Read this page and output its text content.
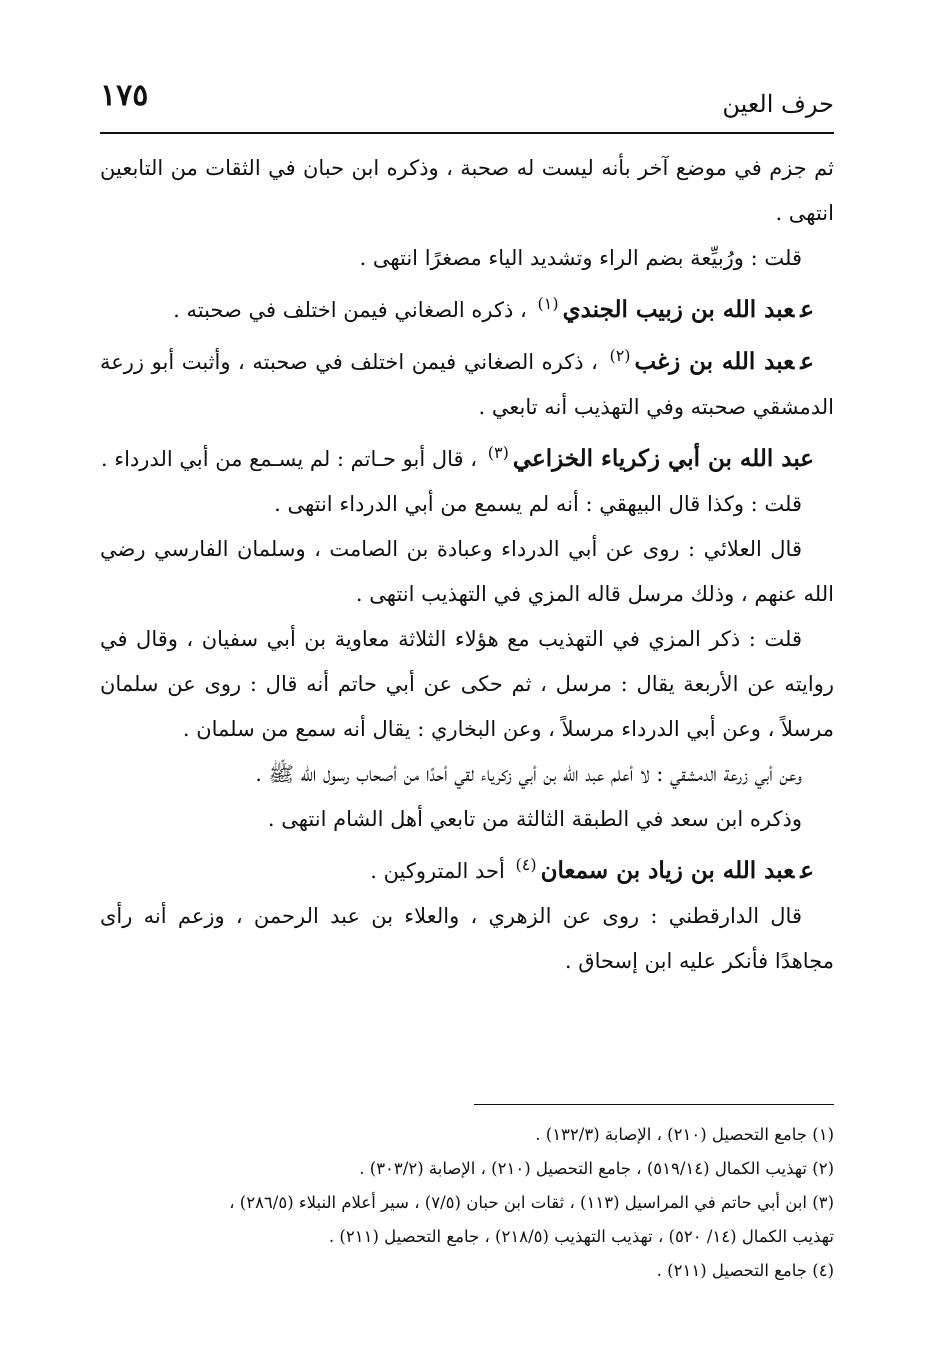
١٧٥	حرف العين

ثم جزم في موضع آخر بأنه ليست له صحبة ، وذكره ابن حبان في الثقات من التابعين انتهى .

قلت : ورُبيِّعة بضم الراء وتشديد الياء مصغرًا انتهى .

ععبد الله بن زبيب الجندي$^{(١)}$ ، ذكره الصغاني فيمن اختلف في صحبته .

ععبد الله بن زغب$^{(٢)}$ ، ذكره الصغاني فيمن اختلف في صحبته ، وأثبت أبو زرعة الدمشقي صحبته وفي التهذيب أنه تابعي .

عبد الله بن أبي زكرياء الخزاعي$^{(٣)}$ ، قال أبو حـاتم : لم يسـمع من أبي الدرداء .

قلت : وكذا قال البيهقي : أنه لم يسمع من أبي الدرداء انتهى .

قال العلائي : روى عن أبي الدرداء وعبادة بن الصامت ، وسلمان الفارسي رضي الله عنهم ، وذلك مرسل قاله المزي في التهذيب انتهى .

قلت : ذكر المزي في التهذيب مع هؤلاء الثلاثة معاوية بن أبي سفيان ، وقال في روايته عن الأربعة يقال : مرسل ، ثم حكى عن أبي حاتم أنه قال : روى عن سلمان مرسلاً ، وعن أبي الدرداء مرسلاً ، وعن البخاري : يقال أنه سمع من سلمان .

وعن أبي زرعة الدمشقي : لا أعلم عبد الله بن أبي زكرياء لقي أحدًا من أصحاب رسول الله ﷺ .

وذكره ابن سعد في الطبقة الثالثة من تابعي أهل الشام انتهى .

ععبد الله بن زياد بن سمعان$^{(٤)}$ أحد المتروكين .

قال الدارقطني : روى عن الزهري ، والعلاء بن عبد الرحمن ، وزعم أنه رأى مجاهدًا فأنكر عليه ابن إسحاق .

(١) جامع التحصيل (٢١٠) ، الإصابة (١٣٢/٣) .

(٢) تهذيب الكمال (٥١٩/١٤) ، جامع التحصيل (٢١٠) ، الإصابة (٣٠٣/٢) .

(٣) ابن أبي حاتم في المراسيل (١١٣) ، ثقات ابن حبان (٧/٥) ، سير أعلام النبلاء (٢٨٦/٥) ،

تهذيب الكمال (١٤/ ٥٢٠) ، تهذيب التهذيب (٢١٨/٥) ، جامع التحصيل (٢١١) .

(٤) جامع التحصيل (٢١١) .
